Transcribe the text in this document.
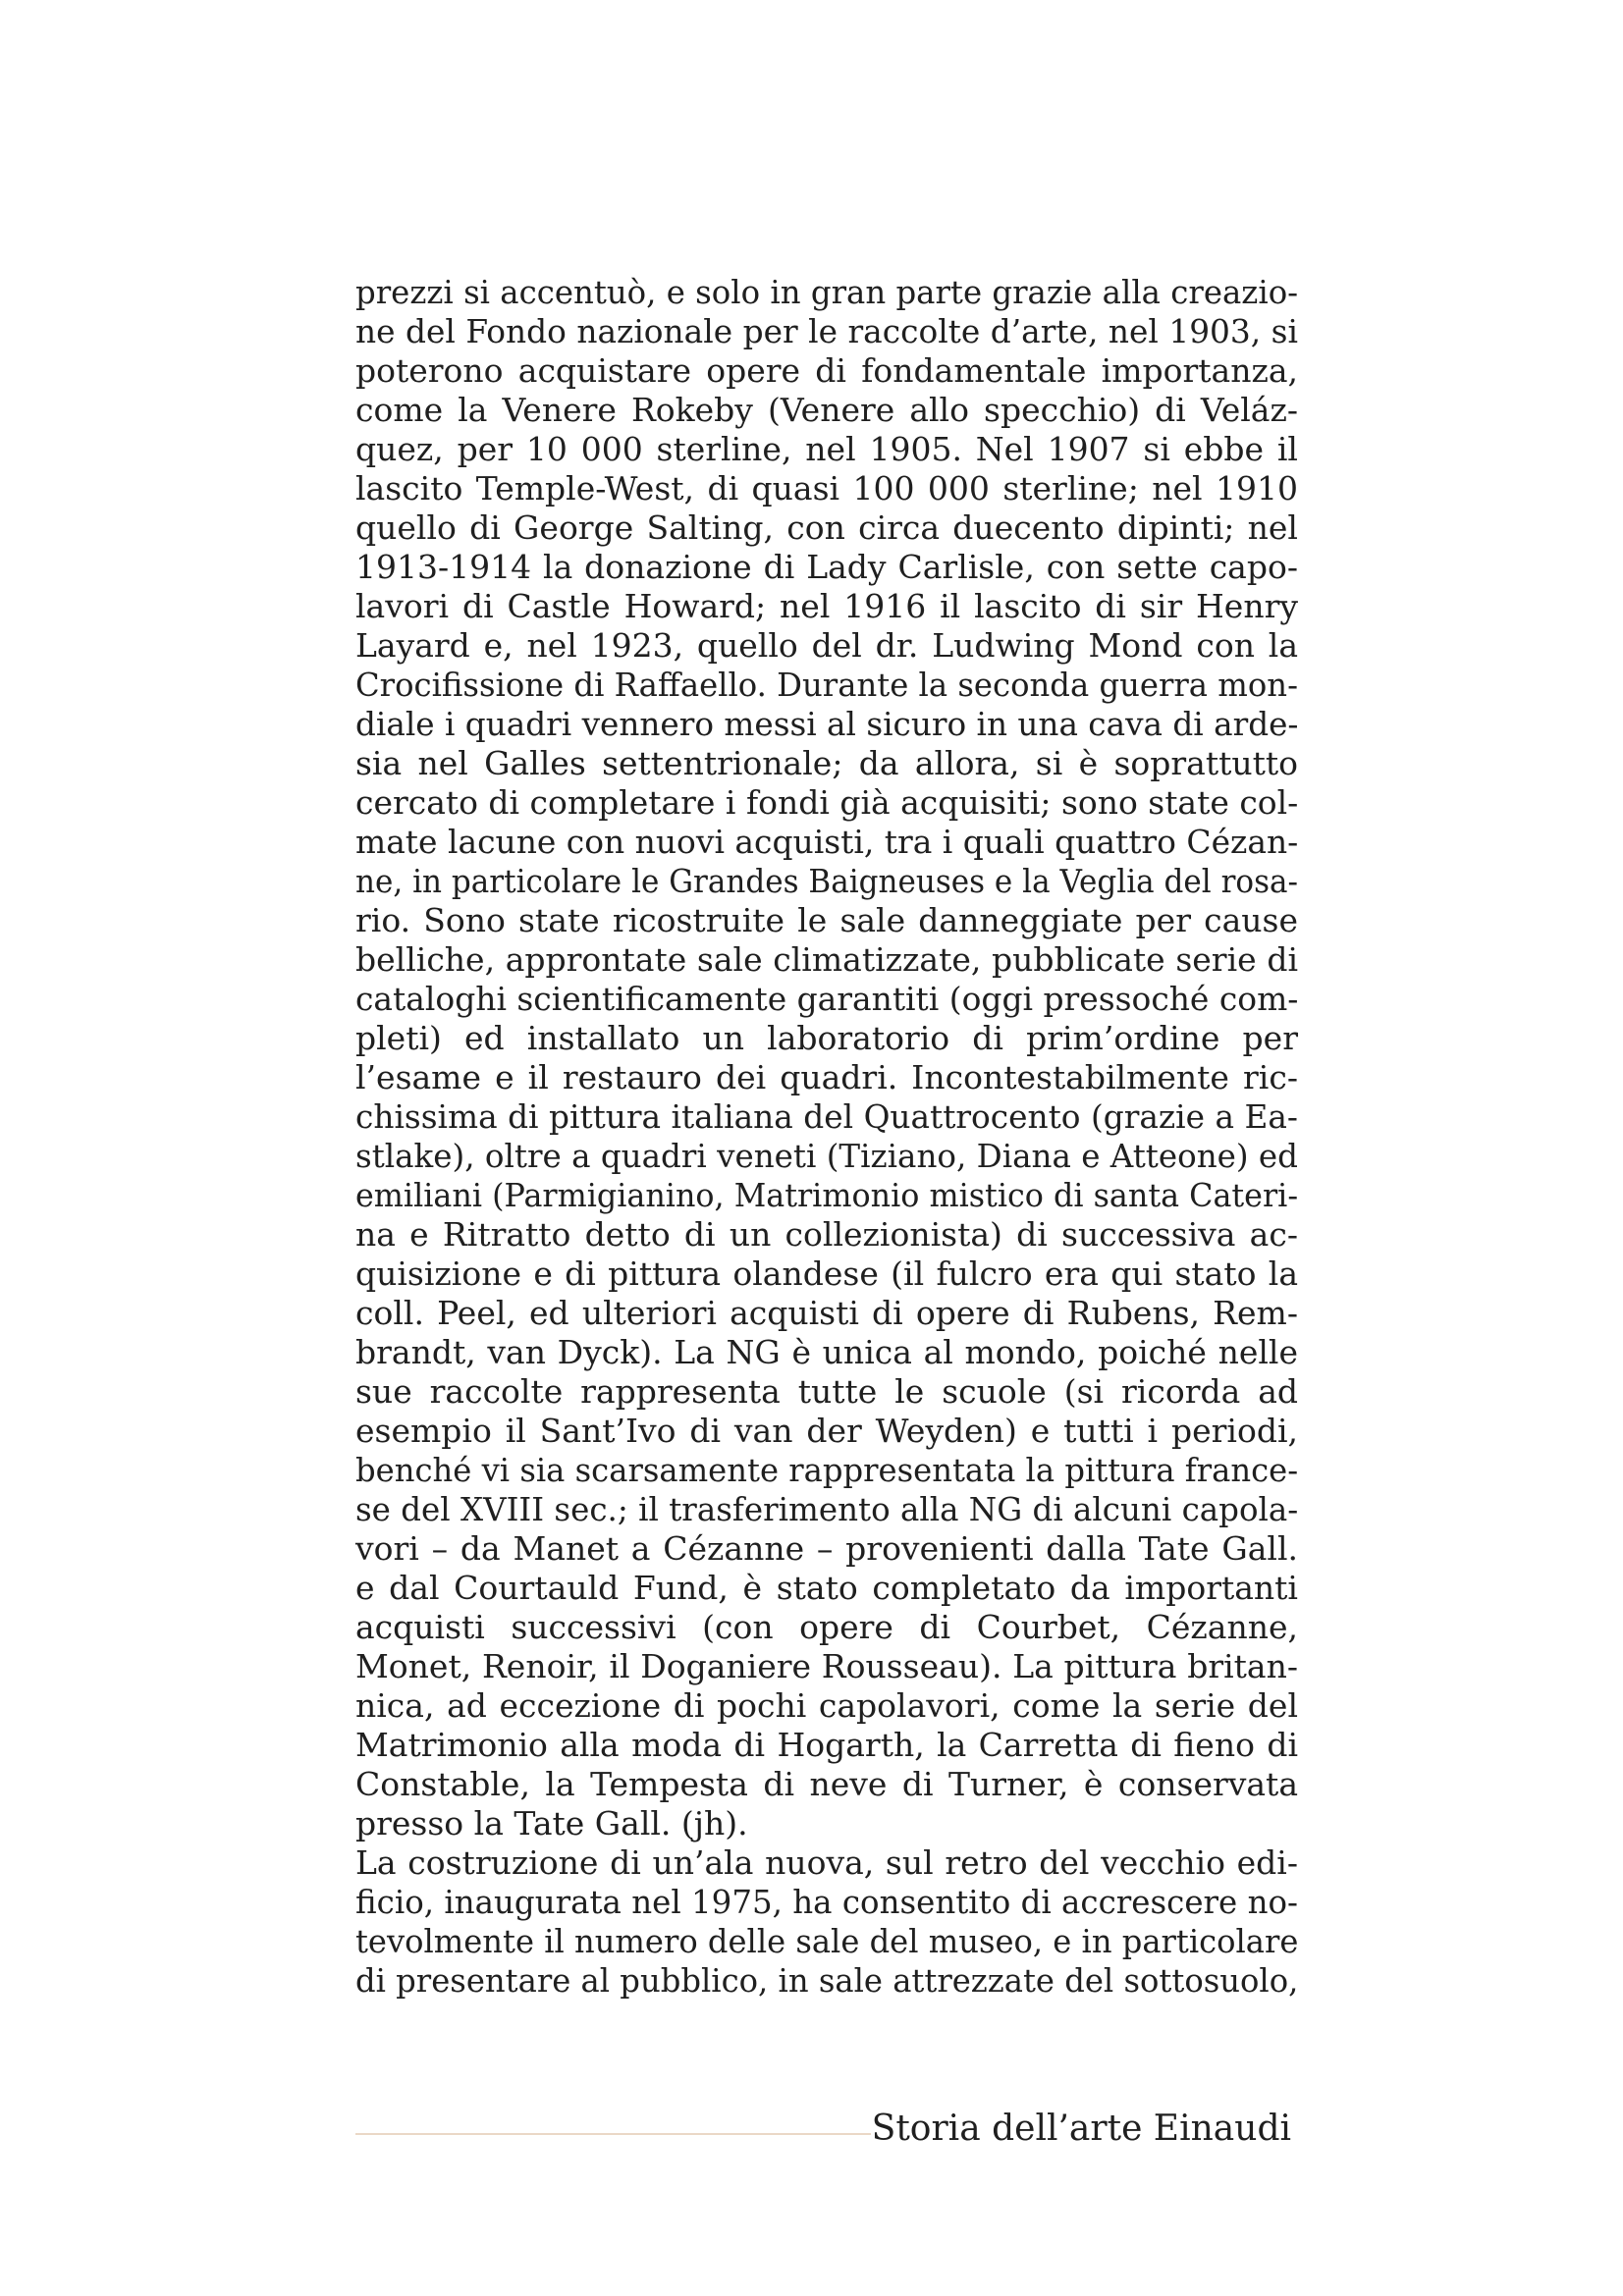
prezzi si accentuò, e solo in gran parte grazie alla creazio-
ne del Fondo nazionale per le raccolte d’arte, nel 1903, si
poterono acquistare opere di fondamentale importanza,
come la Venere Rokeby (Venere allo specchio) di Veláz-
quez, per 10 000 sterline, nel 1905. Nel 1907 si ebbe il
lascito Temple-West, di quasi 100 000 sterline; nel 1910
quello di George Salting, con circa duecento dipinti; nel
1913-1914 la donazione di Lady Carlisle, con sette capo-
lavori di Castle Howard; nel 1916 il lascito di sir Henry
Layard e, nel 1923, quello del dr. Ludwing Mond con la
Crocifissione di Raffaello. Durante la seconda guerra mon-
diale i quadri vennero messi al sicuro in una cava di arde-
sia nel Galles settentrionale; da allora, si è soprattutto
cercato di completare i fondi già acquisiti; sono state col-
mate lacune con nuovi acquisti, tra i quali quattro Cézan-
ne, in particolare le Grandes Baigneuses e la Veglia del rosa-
rio. Sono state ricostruite le sale danneggiate per cause
belliche, approntate sale climatizzate, pubblicate serie di
cataloghi scientificamente garantiti (oggi pressoché com-
pleti) ed installato un laboratorio di prim’ordine per
l’esame e il restauro dei quadri. Incontestabilmente ric-
chissima di pittura italiana del Quattrocento (grazie a Ea-
stlake), oltre a quadri veneti (Tiziano, Diana e Atteone) ed
emiliani (Parmigianino, Matrimonio mistico di santa Cateri-
na e Ritratto detto di un collezionista) di successiva ac-
quisizione e di pittura olandese (il fulcro era qui stato la
coll. Peel, ed ulteriori acquisti di opere di Rubens, Rem-
brandt, van Dyck). La NG è unica al mondo, poiché nelle
sue raccolte rappresenta tutte le scuole (si ricorda ad
esempio il Sant’Ivo di van der Weyden) e tutti i periodi,
benché vi sia scarsamente rappresentata la pittura france-
se del XVIII sec.; il trasferimento alla NG di alcuni capola-
vori – da Manet a Cézanne – provenienti dalla Tate Gall.
e dal Courtauld Fund, è stato completato da importanti
acquisti successivi (con opere di Courbet, Cézanne,
Monet, Renoir, il Doganiere Rousseau). La pittura britan-
nica, ad eccezione di pochi capolavori, come la serie del
Matrimonio alla moda di Hogarth, la Carretta di fieno di
Constable, la Tempesta di neve di Turner, è conservata
presso la Tate Gall. (jh).
La costruzione di un’ala nuova, sul retro del vecchio edi-
ficio, inaugurata nel 1975, ha consentito di accrescere no-
tevolmente il numero delle sale del museo, e in particolare
di presentare al pubblico, in sale attrezzate del sottosuolo,
Storia dell’arte Einaudi
